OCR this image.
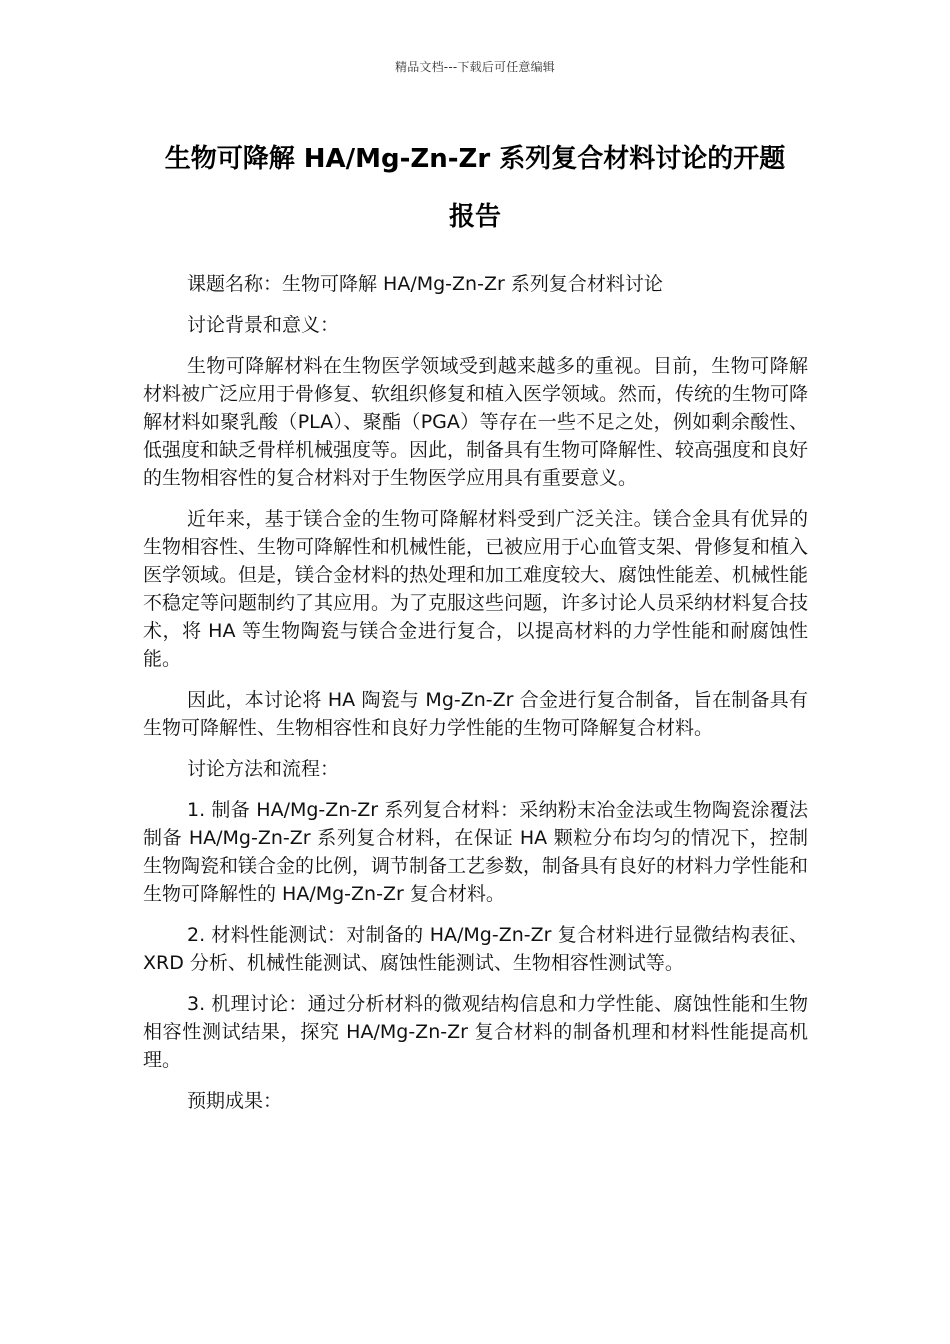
精品文档---下载后可任意编辑
生物可降解 HA/Mg-Zn-Zr 系列复合材料讨论的开题
报告

课题名称：生物可降解 HA/Mg-Zn-Zr 系列复合材料讨论

讨论背景和意义：

生物可降解材料在生物医学领域受到越来越多的重视。目前，生物可降解材料被广泛应用于骨修复、软组织修复和植入医学领域。然而，传统的生物可降解材料如聚乳酸（PLA）、聚酯（PGA）等存在一些不足之处，例如剩余酸性、低强度和缺乏骨样机械强度等。因此，制备具有生物可降解性、较高强度和良好的生物相容性的复合材料对于生物医学应用具有重要意义。

近年来，基于镁合金的生物可降解材料受到广泛关注。镁合金具有优异的生物相容性、生物可降解性和机械性能，已被应用于心血管支架、骨修复和植入医学领域。但是，镁合金材料的热处理和加工难度较大、腐蚀性能差、机械性能不稳定等问题制约了其应用。为了克服这些问题，许多讨论人员采纳材料复合技术，将 HA 等生物陶瓷与镁合金进行复合，以提高材料的力学性能和耐腐蚀性能。

因此，本讨论将 HA 陶瓷与 Mg-Zn-Zr 合金进行复合制备，旨在制备具有生物可降解性、生物相容性和良好力学性能的生物可降解复合材料。

讨论方法和流程：

1. 制备 HA/Mg-Zn-Zr 系列复合材料：采纳粉末冶金法或生物陶瓷涂覆法制备 HA/Mg-Zn-Zr 系列复合材料，在保证 HA 颗粒分布均匀的情况下，控制生物陶瓷和镁合金的比例，调节制备工艺参数，制备具有良好的材料力学性能和生物可降解性的 HA/Mg-Zn-Zr 复合材料。

2. 材料性能测试：对制备的 HA/Mg-Zn-Zr 复合材料进行显微结构表征、XRD 分析、机械性能测试、腐蚀性能测试、生物相容性测试等。

3. 机理讨论：通过分析材料的微观结构信息和力学性能、腐蚀性能和生物相容性测试结果，探究 HA/Mg-Zn-Zr 复合材料的制备机理和材料性能提高机理。

预期成果：
